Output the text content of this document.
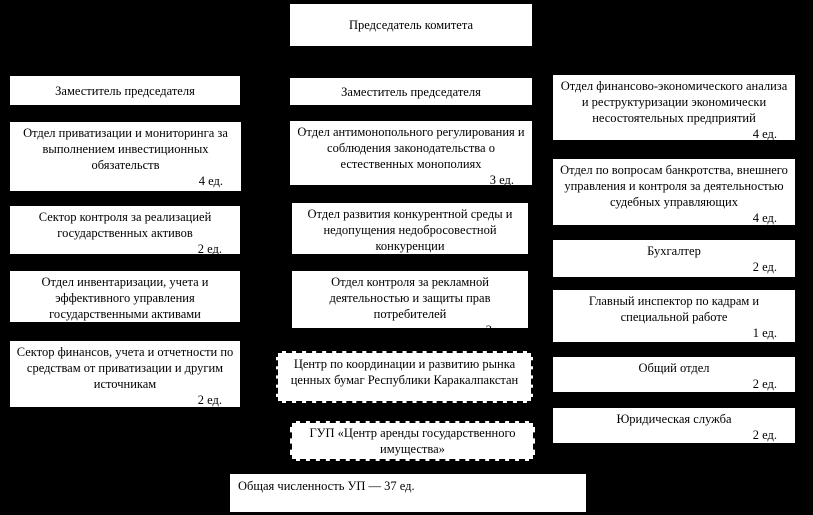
Председатель комитета
Заместитель председателя
Отдел приватизации и мониторинга за выполнением инвестиционных обязательств
4 ед.
Сектор контроля за реализацией государственных активов
2 ед.
Отдел инвентаризации, учета и эффективного управления государственными активами
3 ед.
Сектор финансов, учета и отчетности по средствам от приватизации и другим источникам
2 ед.
Заместитель председателя
Отдел антимонопольного регулирования и соблюдения законодательства о естественных монополиях
3 ед.
Отдел развития конкурентной среды и недопущения недобросовестной конкуренции
3 ед.
Отдел контроля за рекламной деятельностью и защиты прав потребителей
2 ед.
Центр по координации и развитию рынка ценных бумаг Республики Каракалпакстан
ГУП «Центр аренды государственного имущества»
Отдел финансово-экономического анализа и реструктуризации экономически несостоятельных предприятий
4 ед.
Отдел по вопросам банкротства, внешнего управления и контроля за деятельностью судебных управляющих
4 ед.
Бухгалтер
2 ед.
Главный инспектор по кадрам и специальной работе
1 ед.
Общий отдел
2 ед.
Юридическая служба
2 ед.
Общая численность УП — 37 ед.
